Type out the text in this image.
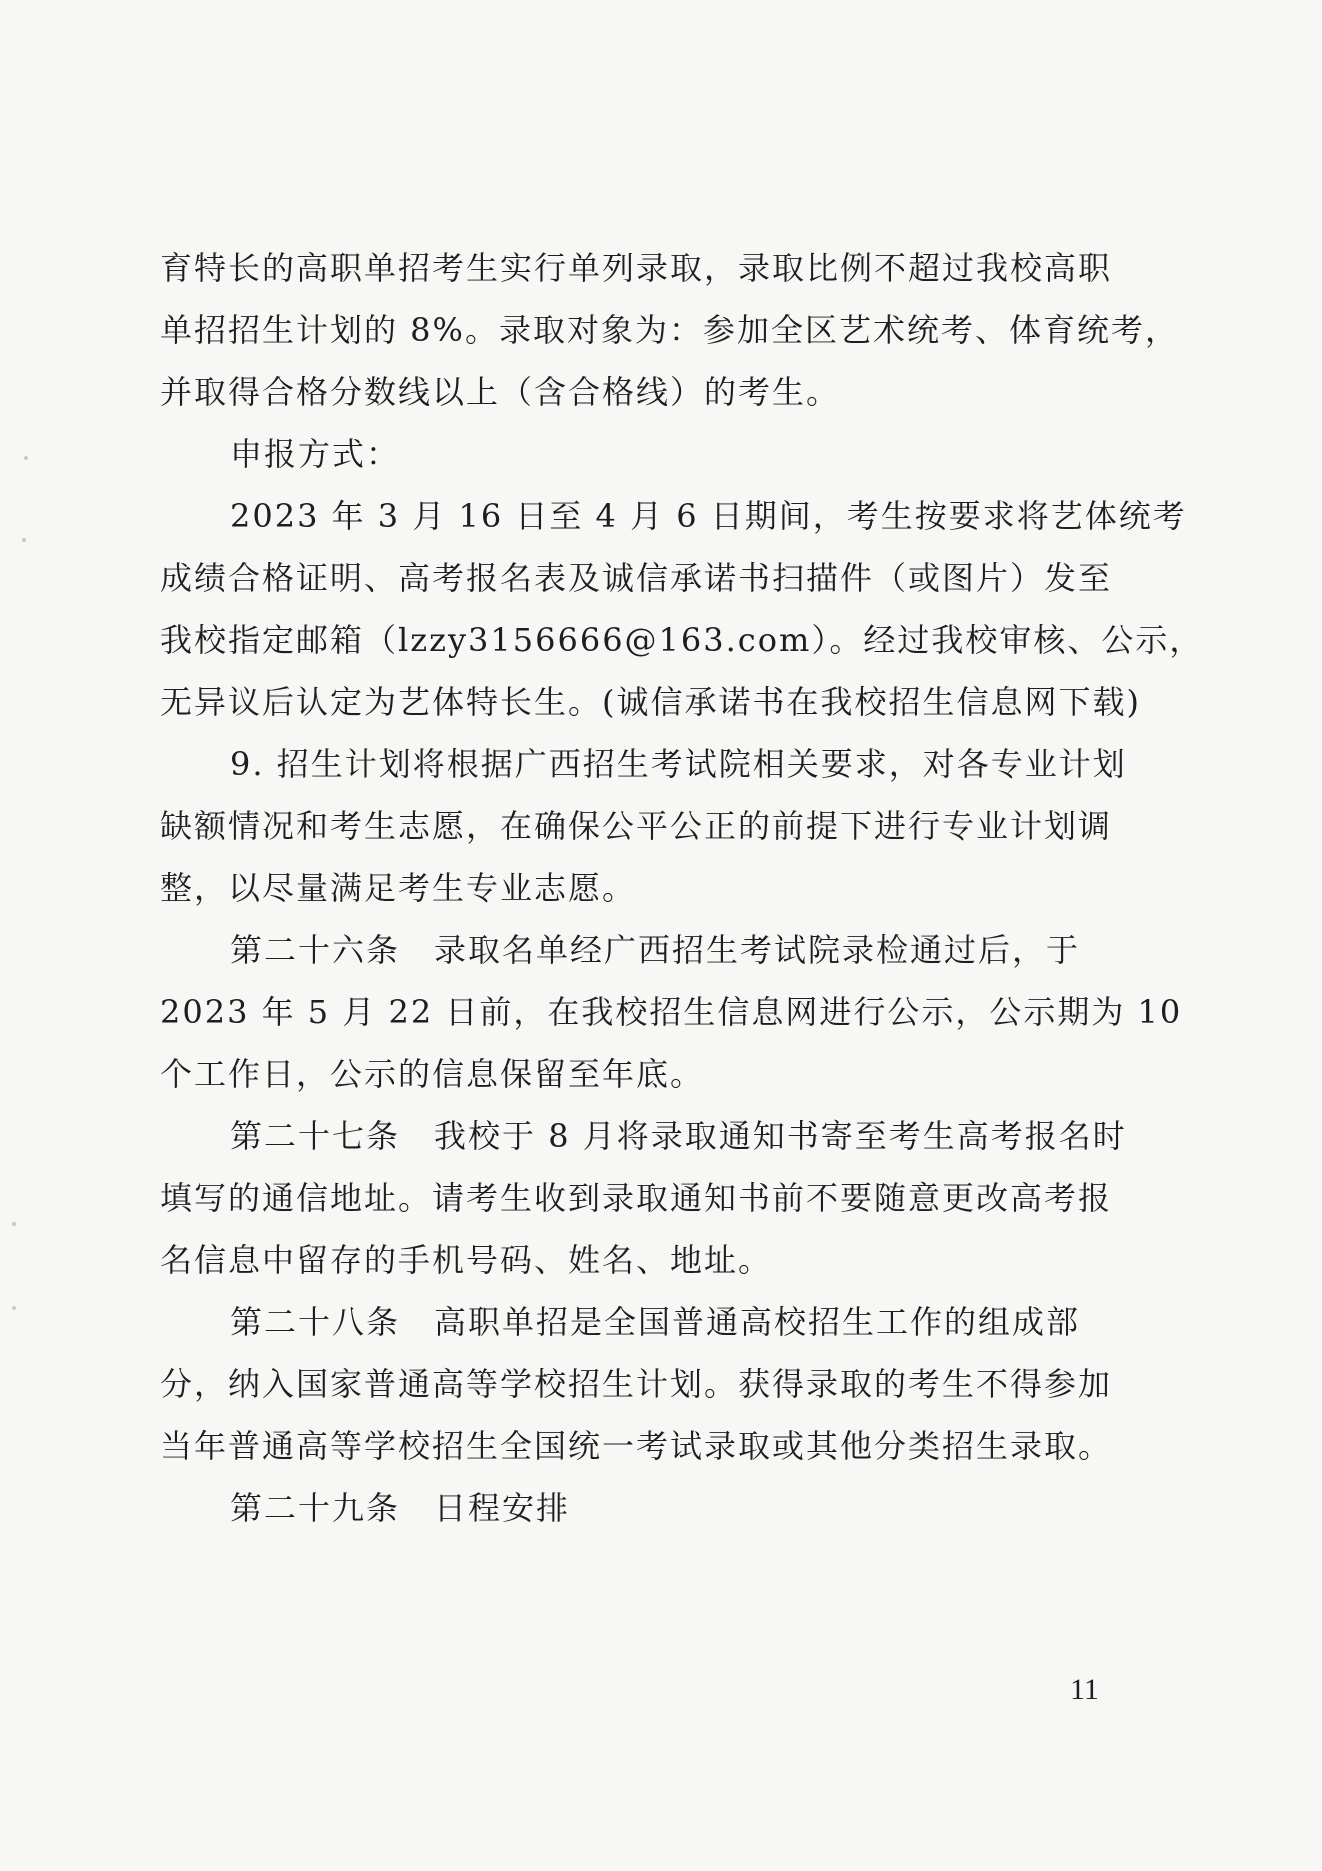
育特长的高职单招考生实行单列录取，录取比例不超过我校高职
单招招生计划的 8%。录取对象为：参加全区艺术统考、体育统考，
并取得合格分数线以上（含合格线）的考生。
申报方式：
2023 年 3 月 16 日至 4 月 6 日期间，考生按要求将艺体统考
成绩合格证明、高考报名表及诚信承诺书扫描件（或图片）发至
我校指定邮箱（lzzy3156666@163.com）。经过我校审核、公示，
无异议后认定为艺体特长生。(诚信承诺书在我校招生信息网下载)
9. 招生计划将根据广西招生考试院相关要求，对各专业计划
缺额情况和考生志愿，在确保公平公正的前提下进行专业计划调
整，以尽量满足考生专业志愿。
第二十六条 录取名单经广西招生考试院录检通过后，于
2023 年 5 月 22 日前，在我校招生信息网进行公示，公示期为 10
个工作日，公示的信息保留至年底。
第二十七条 我校于 8 月将录取通知书寄至考生高考报名时
填写的通信地址。请考生收到录取通知书前不要随意更改高考报
名信息中留存的手机号码、姓名、地址。
第二十八条 高职单招是全国普通高校招生工作的组成部
分，纳入国家普通高等学校招生计划。获得录取的考生不得参加
当年普通高等学校招生全国统一考试录取或其他分类招生录取。
第二十九条 日程安排
11
